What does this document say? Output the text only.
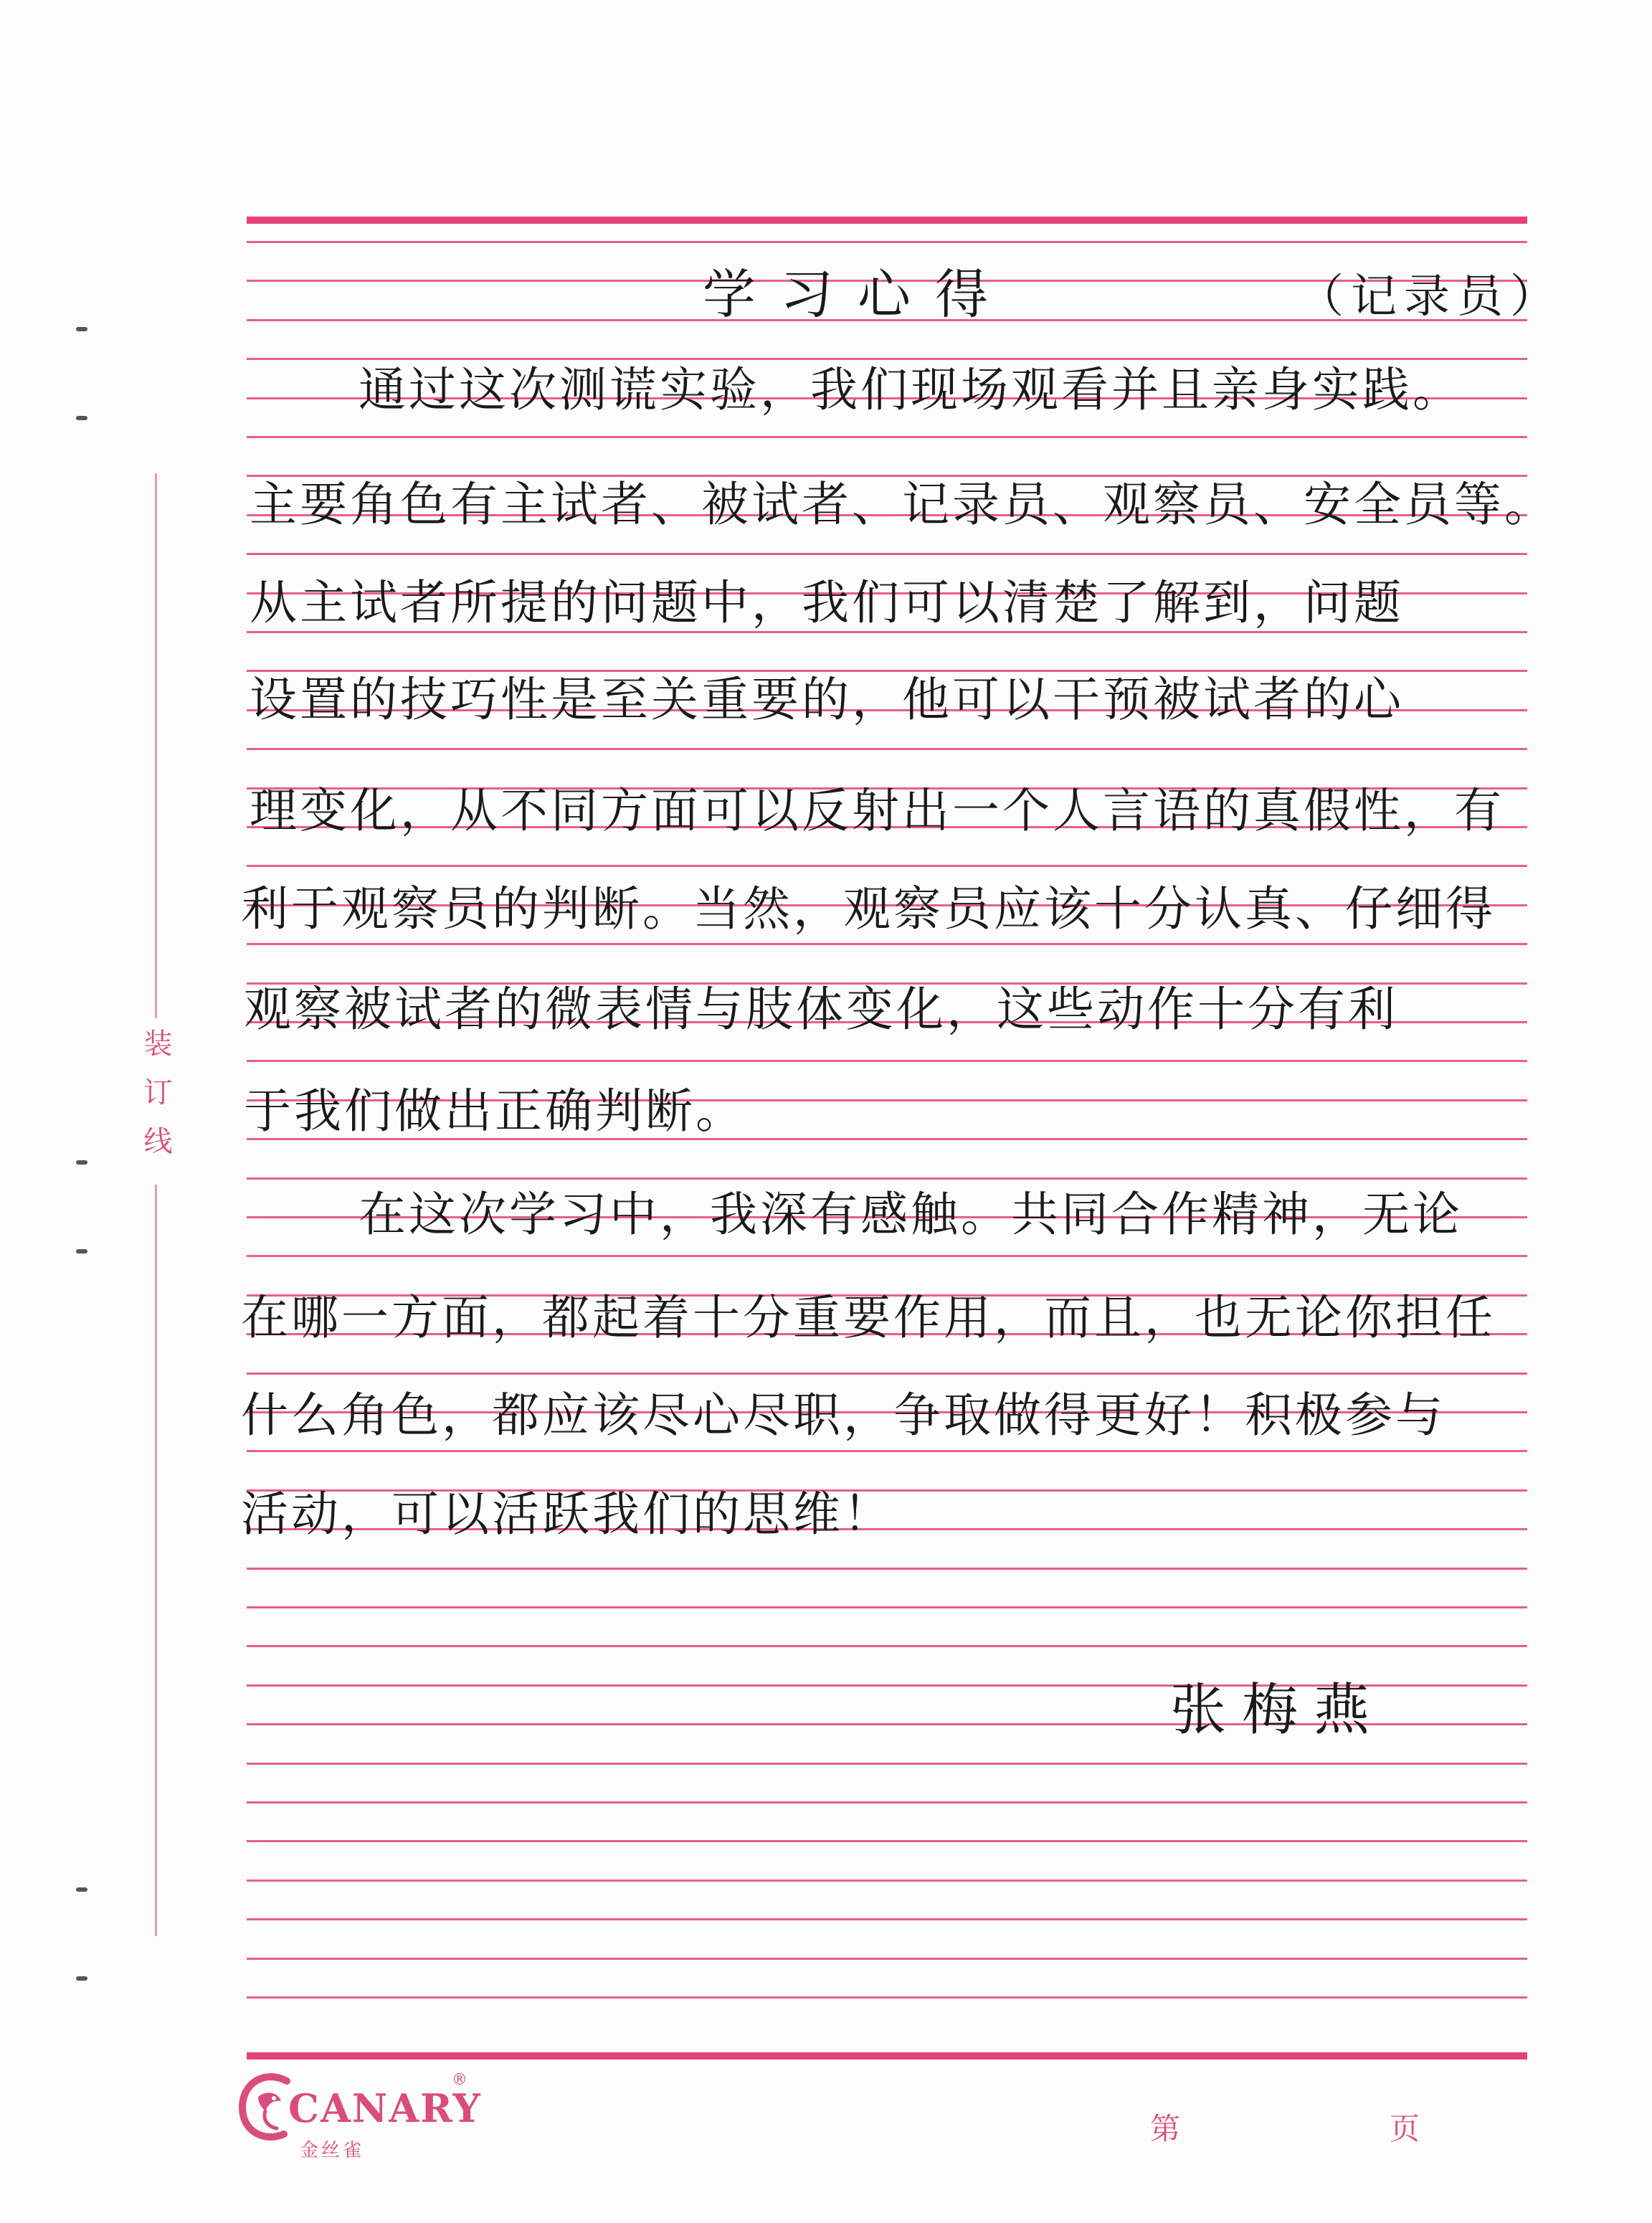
装订线
学习心得	（记录员）
　　通过这次测谎实验，我们现场观看并且亲身实践。
主要角色有主试者、被试者、记录员、观察员、安全员等。
从主试者所提的问题中，我们可以清楚了解到，问题
设置的技巧性是至关重要的，他可以干预被试者的心
理变化，从不同方面可以反射出一个人言语的真假性，有
利于观察员的判断。当然，观察员应该十分认真、仔细得
观察被试者的微表情与肢体变化，这些动作十分有利
于我们做出正确判断。
　　在这次学习中，我深有感触。共同合作精神，无论
在哪一方面，都起着十分重要作用，而且，也无论你担任
什么角色，都应该尽心尽职，争取做得更好！积极参与
活动，可以活跃我们的思维！
张梅燕
CANARY
®
金丝雀
第	页
